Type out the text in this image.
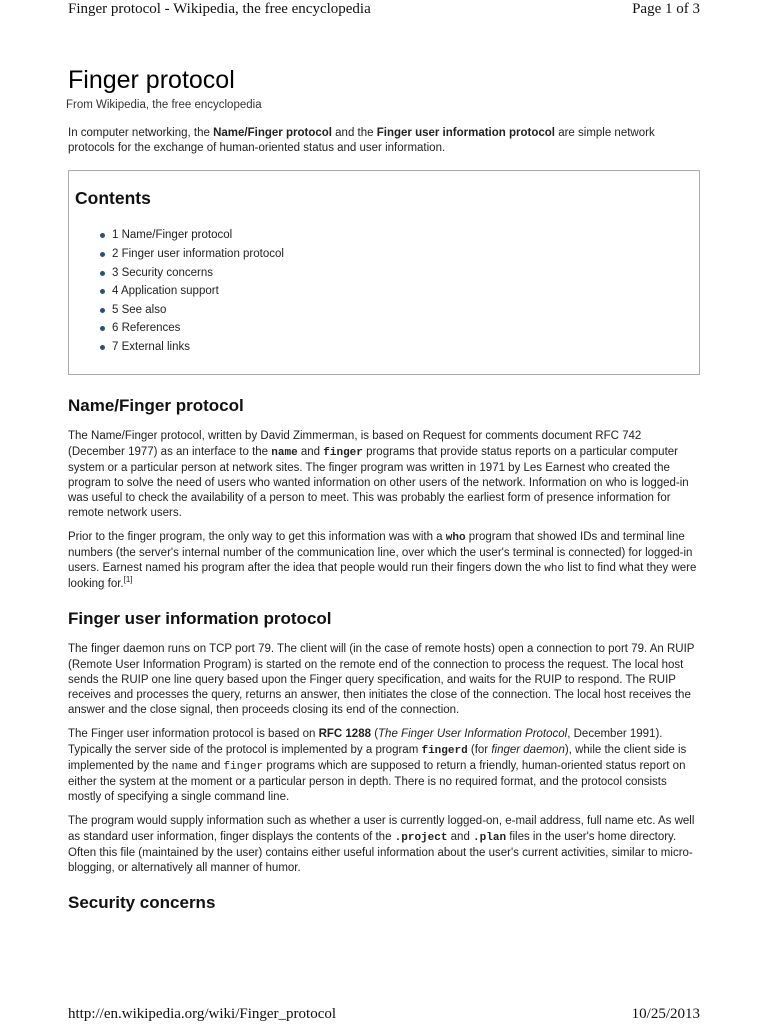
Finger protocol - Wikipedia, the free encyclopedia	Page 1 of 3
Finger protocol
From Wikipedia, the free encyclopedia

In computer networking, the Name/Finger protocol and the Finger user information protocol are simple network protocols for the exchange of human-oriented status and user information.

Contents
1 Name/Finger protocol
2 Finger user information protocol
3 Security concerns
4 Application support
5 See also
6 References
7 External links
Name/Finger protocol

The Name/Finger protocol, written by David Zimmerman, is based on Request for comments document RFC 742 (December 1977) as an interface to the name and finger programs that provide status reports on a particular computer system or a particular person at network sites. The finger program was written in 1971 by Les Earnest who created the program to solve the need of users who wanted information on other users of the network. Information on who is logged-in was useful to check the availability of a person to meet. This was probably the earliest form of presence information for remote network users.

Prior to the finger program, the only way to get this information was with a who program that showed IDs and terminal line numbers (the server's internal number of the communication line, over which the user's terminal is connected) for logged-in users. Earnest named his program after the idea that people would run their fingers down the who list to find what they were looking for.[1]

Finger user information protocol

The finger daemon runs on TCP port 79. The client will (in the case of remote hosts) open a connection to port 79. An RUIP (Remote User Information Program) is started on the remote end of the connection to process the request. The local host sends the RUIP one line query based upon the Finger query specification, and waits for the RUIP to respond. The RUIP receives and processes the query, returns an answer, then initiates the close of the connection. The local host receives the answer and the close signal, then proceeds closing its end of the connection.

The Finger user information protocol is based on RFC 1288 (The Finger User Information Protocol, December 1991). Typically the server side of the protocol is implemented by a program fingerd (for finger daemon), while the client side is implemented by the name and finger programs which are supposed to return a friendly, human-oriented status report on either the system at the moment or a particular person in depth. There is no required format, and the protocol consists mostly of specifying a single command line.

The program would supply information such as whether a user is currently logged-on, e-mail address, full name etc. As well as standard user information, finger displays the contents of the .project and .plan files in the user's home directory. Often this file (maintained by the user) contains either useful information about the user's current activities, similar to micro-blogging, or alternatively all manner of humor.

Security concerns
http://en.wikipedia.org/wiki/Finger_protocol	10/25/2013
